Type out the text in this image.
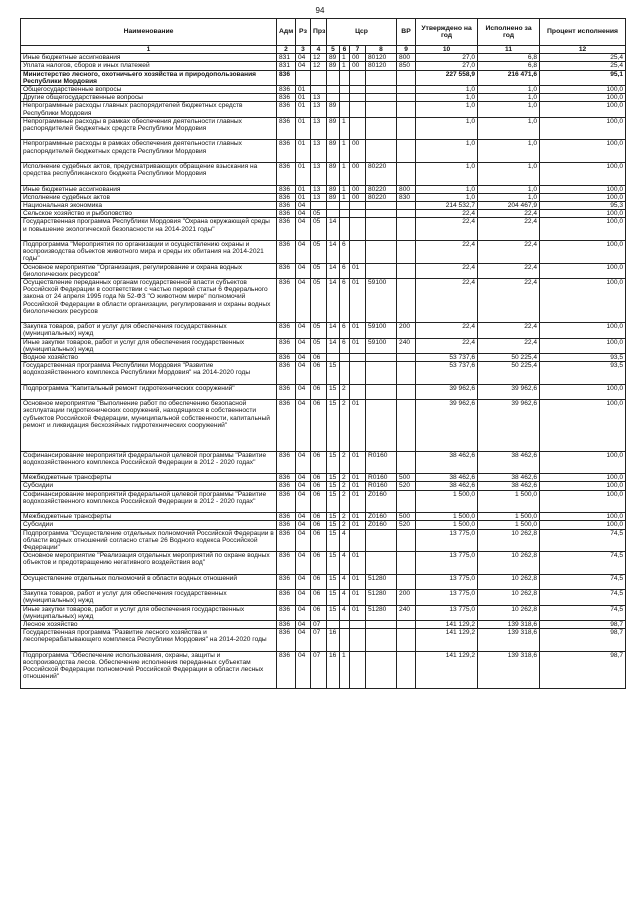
94
Наименование	Адм	Рз	Прз	Цср				ВР	Утверждено на год	Исполнено за год	Процент исполнения
1	2	3	4	5	6	7	8	9	10	11	12
Иные бюджетные ассигнования	831	04	12	89	1	00	80120	800	27,0	6,8	25,4
Уплата налогов, сборов и иных платежей	831	04	12	89	1	00	80120	850	27,0	6,8	25,4
Министерство лесного, охотничьего хозяйства и природопользования Республики Мордовия	836								227 558,9	216 471,6	95,1
Общегосударственные вопросы	836	01							1,0	1,0	100,0
Другие общегосударственные вопросы	836	01	13						1,0	1,0	100,0
Непрограммные расходы главных распорядителей бюджетных средств Республики Мордовия	836	01	13	89					1,0	1,0	100,0
Непрограммные расходы в рамках обеспечения деятельности главных распорядителей бюджетных средств Республики Мордовия	836	01	13	89	1				1,0	1,0	100,0
Непрограммные расходы в рамках обеспечения деятельности главных распорядителей бюджетных средств Республики Мордовия	836	01	13	89	1	00			1,0	1,0	100,0
Исполнение судебных актов, предусматривающих обращение взыскания на средства республиканского бюджета Республики Мордовия	836	01	13	89	1	00	80220		1,0	1,0	100,0
Иные бюджетные ассигнования	836	01	13	89	1	00	80220	800	1,0	1,0	100,0
Исполнение судебных актов	836	01	13	89	1	00	80220	830	1,0	1,0	100,0
Национальная экономика	836	04							214 532,7	204 467,9	95,3
Сельское хозяйство и рыболовство	836	04	05						22,4	22,4	100,0
Государственная программа Республики Мордовия "Охрана окружающей среды и повышение экологической безопасности на 2014-2021 годы"	836	04	05	14					22,4	22,4	100,0
Подпрограмма "Мероприятия по организации и осуществлению охраны и воспроизводства объектов животного мира и среды их обитания на 2014-2021 годы"	836	04	05	14	6				22,4	22,4	100,0
Основное мероприятие "Организация, регулирование и охрана водных биологических ресурсов"	836	04	05	14	6	01			22,4	22,4	100,0
Осуществление переданных органам государственной власти субъектов Российской Федерации в соответствии с частью первой статьи 6 Федерального закона от 24 апреля 1995 года № 52-ФЗ "О животном мире" полномочий Российской Федерации в области организации, регулирования и охраны водных биологических ресурсов	836	04	05	14	6	01	59100		22,4	22,4	100,0
Закупка товаров, работ и услуг для обеспечения государственных (муниципальных) нужд	836	04	05	14	6	01	59100	200	22,4	22,4	100,0
Иные закупки товаров, работ и услуг для обеспечения государственных (муниципальных) нужд	836	04	05	14	6	01	59100	240	22,4	22,4	100,0
Водное хозяйство	836	04	06						53 737,6	50 225,4	93,5
Государственная программа Республики Мордовия "Развитие водохозяйственного комплекса Республики Мордовия" на 2014-2020 годы	836	04	06	15					53 737,6	50 225,4	93,5
Подпрограмма "Капитальный ремонт гидротехнических сооружений"	836	04	06	15	2				39 962,6	39 962,6	100,0
Основное мероприятие "Выполнение работ по обеспечению безопасной эксплуатации гидротехнических сооружений, находящихся в собственности субъектов Российской Федерации, муниципальной собственности, капитальный ремонт и ликвидация бесхозяйных гидротехнических сооружений"	836	04	06	15	2	01			39 962,6	39 962,6	100,0
Софинансирование мероприятий федеральной целевой программы "Развитие водохозяйственного комплекса Российской Федерации в 2012 - 2020 годах"	836	04	06	15	2	01	R0160		38 462,6	38 462,6	100,0
Межбюджетные трансферты	836	04	06	15	2	01	R0160	500	38 462,6	38 462,6	100,0
Субсидии	836	04	06	15	2	01	R0160	520	38 462,6	38 462,6	100,0
Софинансирование мероприятий федеральной целевой программы "Развитие водохозяйственного комплекса Российской Федерации в 2012 - 2020 годах"	836	04	06	15	2	01	Z0160		1 500,0	1 500,0	100,0
Межбюджетные трансферты	836	04	06	15	2	01	Z0160	500	1 500,0	1 500,0	100,0
Субсидии	836	04	06	15	2	01	Z0160	520	1 500,0	1 500,0	100,0
Подпрограмма "Осуществление отдельных полномочий Российской Федерации в области водных отношений согласно статье 26 Водного кодекса Российской Федерации"	836	04	06	15	4				13 775,0	10 262,8	74,5
Основное мероприятие "Реализация отдельных мероприятий по охране водных объектов и предотвращению негативного воздействия вод"	836	04	06	15	4	01			13 775,0	10 262,8	74,5
Осуществление отдельных полномочий в области водных отношений	836	04	06	15	4	01	51280		13 775,0	10 262,8	74,5
Закупка товаров, работ и услуг для обеспечения государственных (муниципальных) нужд	836	04	06	15	4	01	51280	200	13 775,0	10 262,8	74,5
Иные закупки товаров, работ и услуг для обеспечения государственных (муниципальных) нужд	836	04	06	15	4	01	51280	240	13 775,0	10 262,8	74,5
Лесное хозяйство	836	04	07						141 129,2	139 318,6	98,7
Государственная программа "Развитие лесного хозяйства и лесоперерабатывающего комплекса Республики Мордовия" на 2014-2020 годы	836	04	07	16					141 129,2	139 318,6	98,7
Подпрограмма "Обеспечение использования, охраны, защиты и воспроизводства лесов. Обеспечение исполнения переданных субъектам Российской Федерации полномочий Российской Федерации в области лесных отношений"	836	04	07	16	1				141 129,2	139 318,6	98,7
